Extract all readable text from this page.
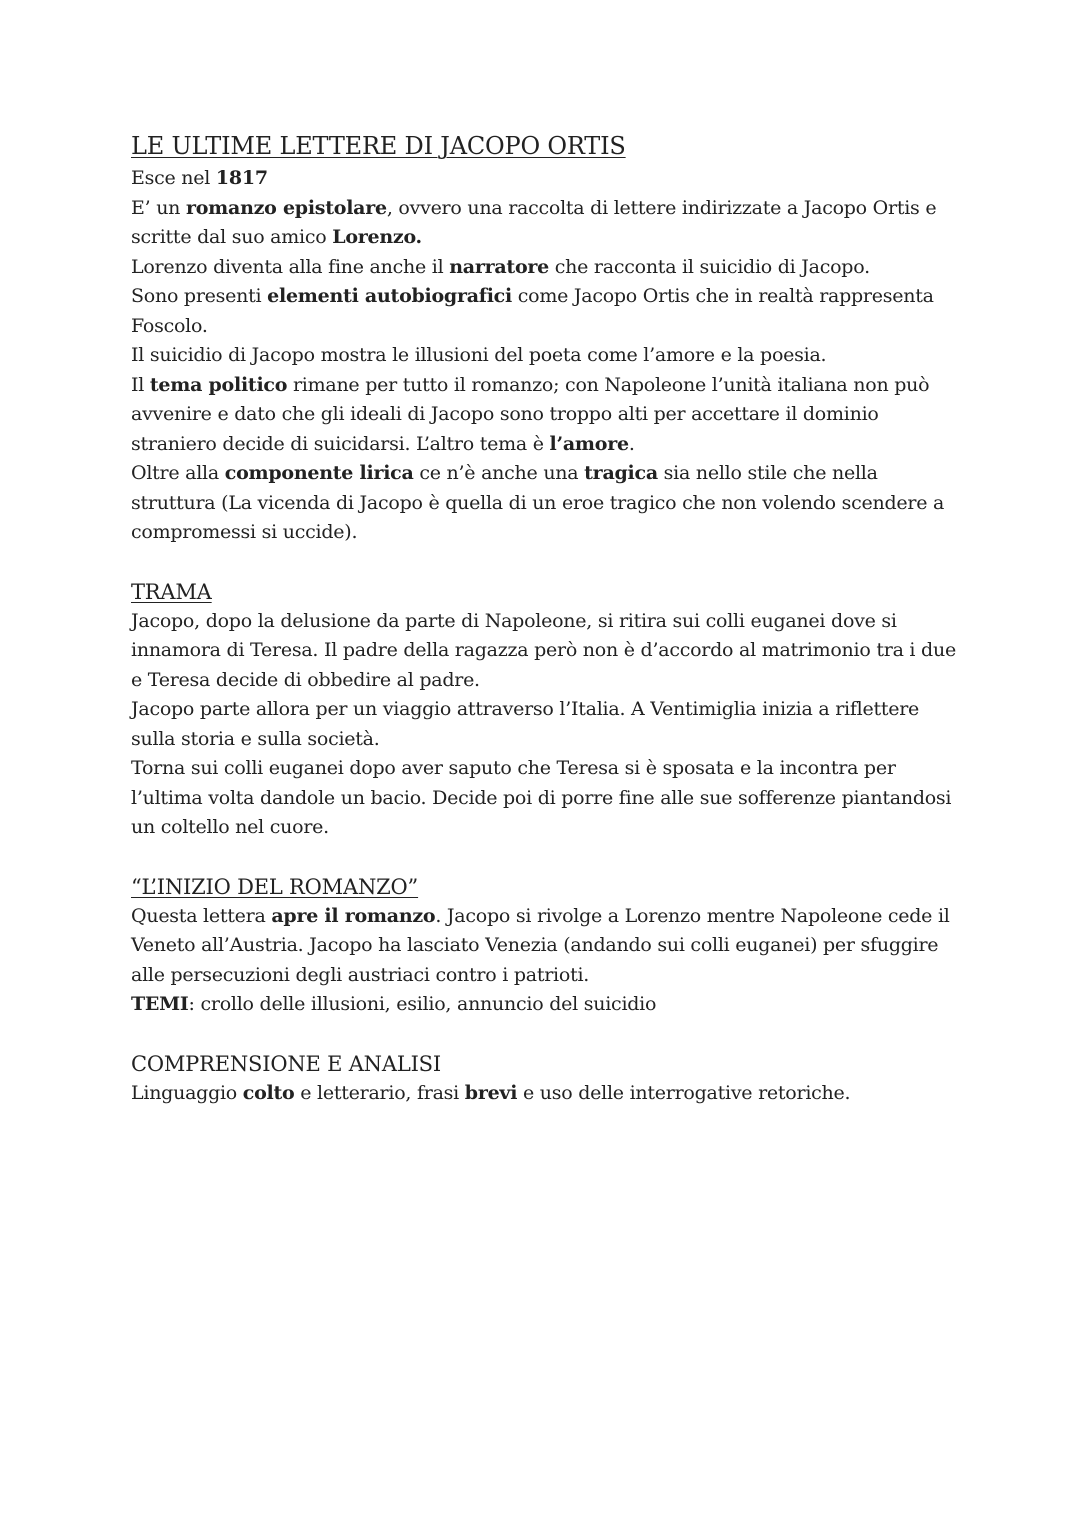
LE ULTIME LETTERE DI JACOPO ORTIS

Esce nel 1817

E’ un romanzo epistolare, ovvero una raccolta di lettere indirizzate a Jacopo Ortis e scritte dal suo amico Lorenzo.

Lorenzo diventa alla fine anche il narratore che racconta il suicidio di Jacopo.

Sono presenti elementi autobiografici come Jacopo Ortis che in realtà rappresenta Foscolo.

Il suicidio di Jacopo mostra le illusioni del poeta come l’amore e la poesia.

Il tema politico rimane per tutto il romanzo; con Napoleone l’unità italiana non può avvenire e dato che gli ideali di Jacopo sono troppo alti per accettare il dominio straniero decide di suicidarsi. L’altro tema è l’amore.

Oltre alla componente lirica ce n’è anche una tragica sia nello stile che nella struttura (La vicenda di Jacopo è quella di un eroe tragico che non volendo scendere a compromessi si uccide).

TRAMA

Jacopo, dopo la delusione da parte di Napoleone, si ritira sui colli euganei dove si innamora di Teresa. Il padre della ragazza però non è d’accordo al matrimonio tra i due e Teresa decide di obbedire al padre.

Jacopo parte allora per un viaggio attraverso l’Italia. A Ventimiglia inizia a riflettere sulla storia e sulla società.

Torna sui colli euganei dopo aver saputo che Teresa si è sposata e la incontra per l’ultima volta dandole un bacio. Decide poi di porre fine alle sue sofferenze piantandosi un coltello nel cuore.

“L’INIZIO DEL ROMANZO”

Questa lettera apre il romanzo. Jacopo si rivolge a Lorenzo mentre Napoleone cede il Veneto all’Austria. Jacopo ha lasciato Venezia (andando sui colli euganei) per sfuggire alle persecuzioni degli austriaci contro i patrioti.

TEMI: crollo delle illusioni, esilio, annuncio del suicidio

COMPRENSIONE E ANALISI

Linguaggio colto e letterario, frasi brevi e uso delle interrogative retoriche.
